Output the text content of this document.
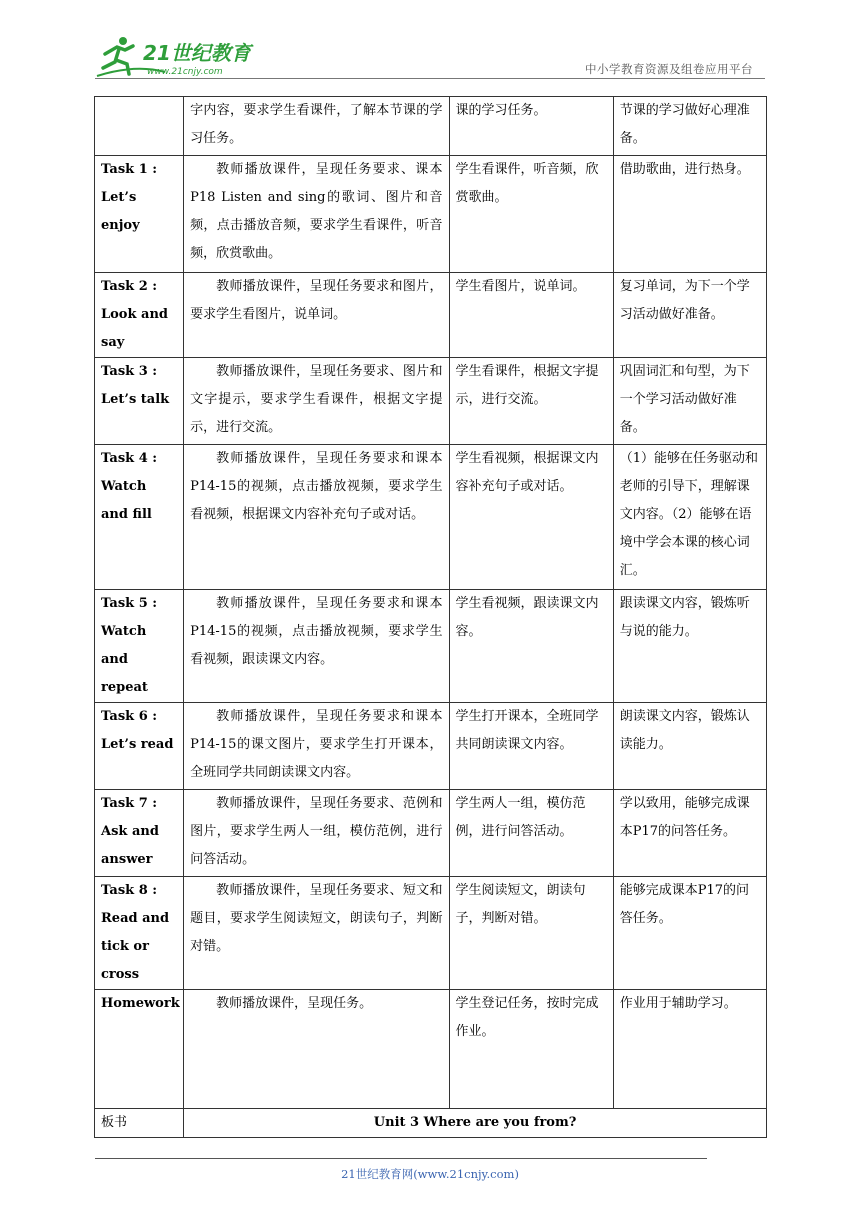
21世纪教育
www.21cnjy.com	中小学教育资源及组卷应用平台
	字内容，要求学生看课件，了解本节课的学习任务。	课的学习任务。	节课的学习做好心理准备。
Task 1 : Let’s enjoy	教师播放课件，呈现任务要求、课本P18 Listen and sing的歌词、图片和音频，点击播放音频，要求学生看课件，听音频，欣赏歌曲。	学生看课件，听音频，欣赏歌曲。	借助歌曲，进行热身。
Task 2 : Look and say	教师播放课件，呈现任务要求和图片，要求学生看图片，说单词。	学生看图片，说单词。	复习单词，为下一个学习活动做好准备。
Task 3 : Let’s talk	教师播放课件，呈现任务要求、图片和文字提示，要求学生看课件，根据文字提示，进行交流。	学生看课件，根据文字提示，进行交流。	巩固词汇和句型，为下一个学习活动做好准备。
Task 4 : Watch and fill	教师播放课件，呈现任务要求和课本P14-15的视频，点击播放视频，要求学生看视频，根据课文内容补充句子或对话。	学生看视频，根据课文内容补充句子或对话。	（1）能够在任务驱动和老师的引导下，理解课文内容。（2）能够在语境中学会本课的核心词汇。
Task 5 : Watch and repeat	教师播放课件，呈现任务要求和课本P14-15的视频，点击播放视频，要求学生看视频，跟读课文内容。	学生看视频，跟读课文内容。	跟读课文内容，锻炼听与说的能力。
Task 6 : Let’s read	教师播放课件，呈现任务要求和课本P14-15的课文图片，要求学生打开课本，全班同学共同朗读课文内容。	学生打开课本，全班同学共同朗读课文内容。	朗读课文内容，锻炼认读能力。
Task 7 : Ask and answer	教师播放课件，呈现任务要求、范例和图片，要求学生两人一组，模仿范例，进行问答活动。	学生两人一组，模仿范例，进行问答活动。	学以致用，能够完成课本P17的问答任务。
Task 8 : Read and tick or cross	教师播放课件，呈现任务要求、短文和题目，要求学生阅读短文，朗读句子，判断对错。	学生阅读短文，朗读句子，判断对错。	能够完成课本P17的问答任务。
Homework	教师播放课件，呈现任务。	学生登记任务，按时完成作业。	作业用于辅助学习。
板书	Unit 3 Where are you from?		
21世纪教育网(www.21cnjy.com)
